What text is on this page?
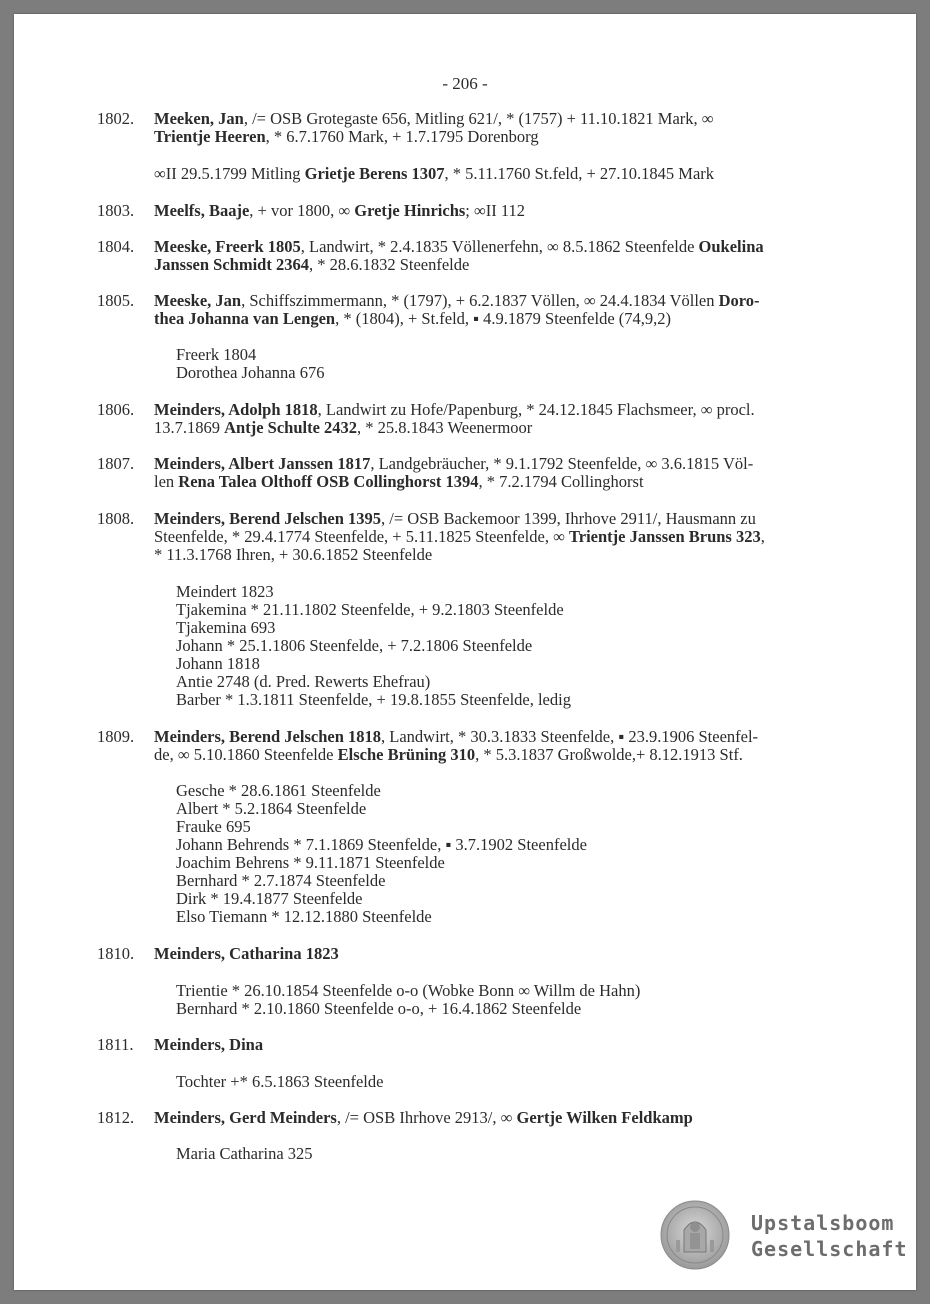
- 206 -
1802. Meeken, Jan, /= OSB Grotegaste 656, Mitling 621/, * (1757) + 11.10.1821 Mark, ∞
Trientje Heeren, * 6.7.1760 Mark, + 1.7.1795 Dorenborg
∞II 29.5.1799 Mitling Grietje Berens 1307, * 5.11.1760 St.feld, + 27.10.1845 Mark
1803. Meelfs, Baaje, + vor 1800, ∞ Gretje Hinrichs; ∞II 112
1804. Meeske, Freerk 1805, Landwirt, * 2.4.1835 Völlenerfehn, ∞ 8.5.1862 Steenfelde Oukelina
Janssen Schmidt 2364, * 28.6.1832 Steenfelde
1805. Meeske, Jan, Schiffszimmermann, * (1797), + 6.2.1837 Völlen, ∞ 24.4.1834 Völlen Doro-
thea Johanna van Lengen, * (1804), + St.feld, ▪ 4.9.1879 Steenfelde (74,9,2)
1806. Meinders, Adolph 1818, Landwirt zu Hofe/Papenburg, * 24.12.1845 Flachsmeer, ∞ procl.
13.7.1869 Antje Schulte 2432, * 25.8.1843 Weenermoor
1807. Meinders, Albert Janssen 1817, Landgebräucher, * 9.1.1792 Steenfelde, ∞ 3.6.1815 Völ-
len Rena Talea Olthoff OSB Collinghorst 1394, * 7.2.1794 Collinghorst
1808. Meinders, Berend Jelschen 1395, /= OSB Backemoor 1399, Ihrhove 2911/, Hausmann zu
Steenfelde, * 29.4.1774 Steenfelde, + 5.11.1825 Steenfelde, ∞ Trientje Janssen Bruns 323,
* 11.3.1768 Ihren, + 30.6.1852 Steenfelde
1809. Meinders, Berend Jelschen 1818, Landwirt, * 30.3.1833 Steenfelde, ▪ 23.9.1906 Steenfel-
de, ∞ 5.10.1860 Steenfelde Elsche Brüning 310, * 5.3.1837 Großwolde,+ 8.12.1913 Stf.
1810. Meinders, Catharina 1823
1811. Meinders, Dina
1812. Meinders, Gerd Meinders, /= OSB Ihrhove 2913/, ∞ Gertje Wilken Feldkamp
Freerk 1804
Dorothea Johanna 676
Meindert 1823
Tjakemina * 21.11.1802 Steenfelde, + 9.2.1803 Steenfelde
Tjakemina 693
Johann * 25.1.1806 Steenfelde, + 7.2.1806 Steenfelde
Johann 1818
Antie 2748 (d. Pred. Rewerts Ehefrau)
Barber * 1.3.1811 Steenfelde, + 19.8.1855 Steenfelde, ledig
Gesche * 28.6.1861 Steenfelde
Albert * 5.2.1864 Steenfelde
Frauke 695
Johann Behrends * 7.1.1869 Steenfelde, ▪ 3.7.1902 Steenfelde
Joachim Behrens * 9.11.1871 Steenfelde
Bernhard * 2.7.1874 Steenfelde
Dirk * 19.4.1877 Steenfelde
Elso Tiemann * 12.12.1880 Steenfelde
Trientie * 26.10.1854 Steenfelde o-o (Wobke Bonn ∞ Willm de Hahn)
Bernhard * 2.10.1860 Steenfelde o-o, + 16.4.1862 Steenfelde
Tochter +* 6.5.1863 Steenfelde
Maria Catharina 325
Upstalsboom
Gesellschaft
